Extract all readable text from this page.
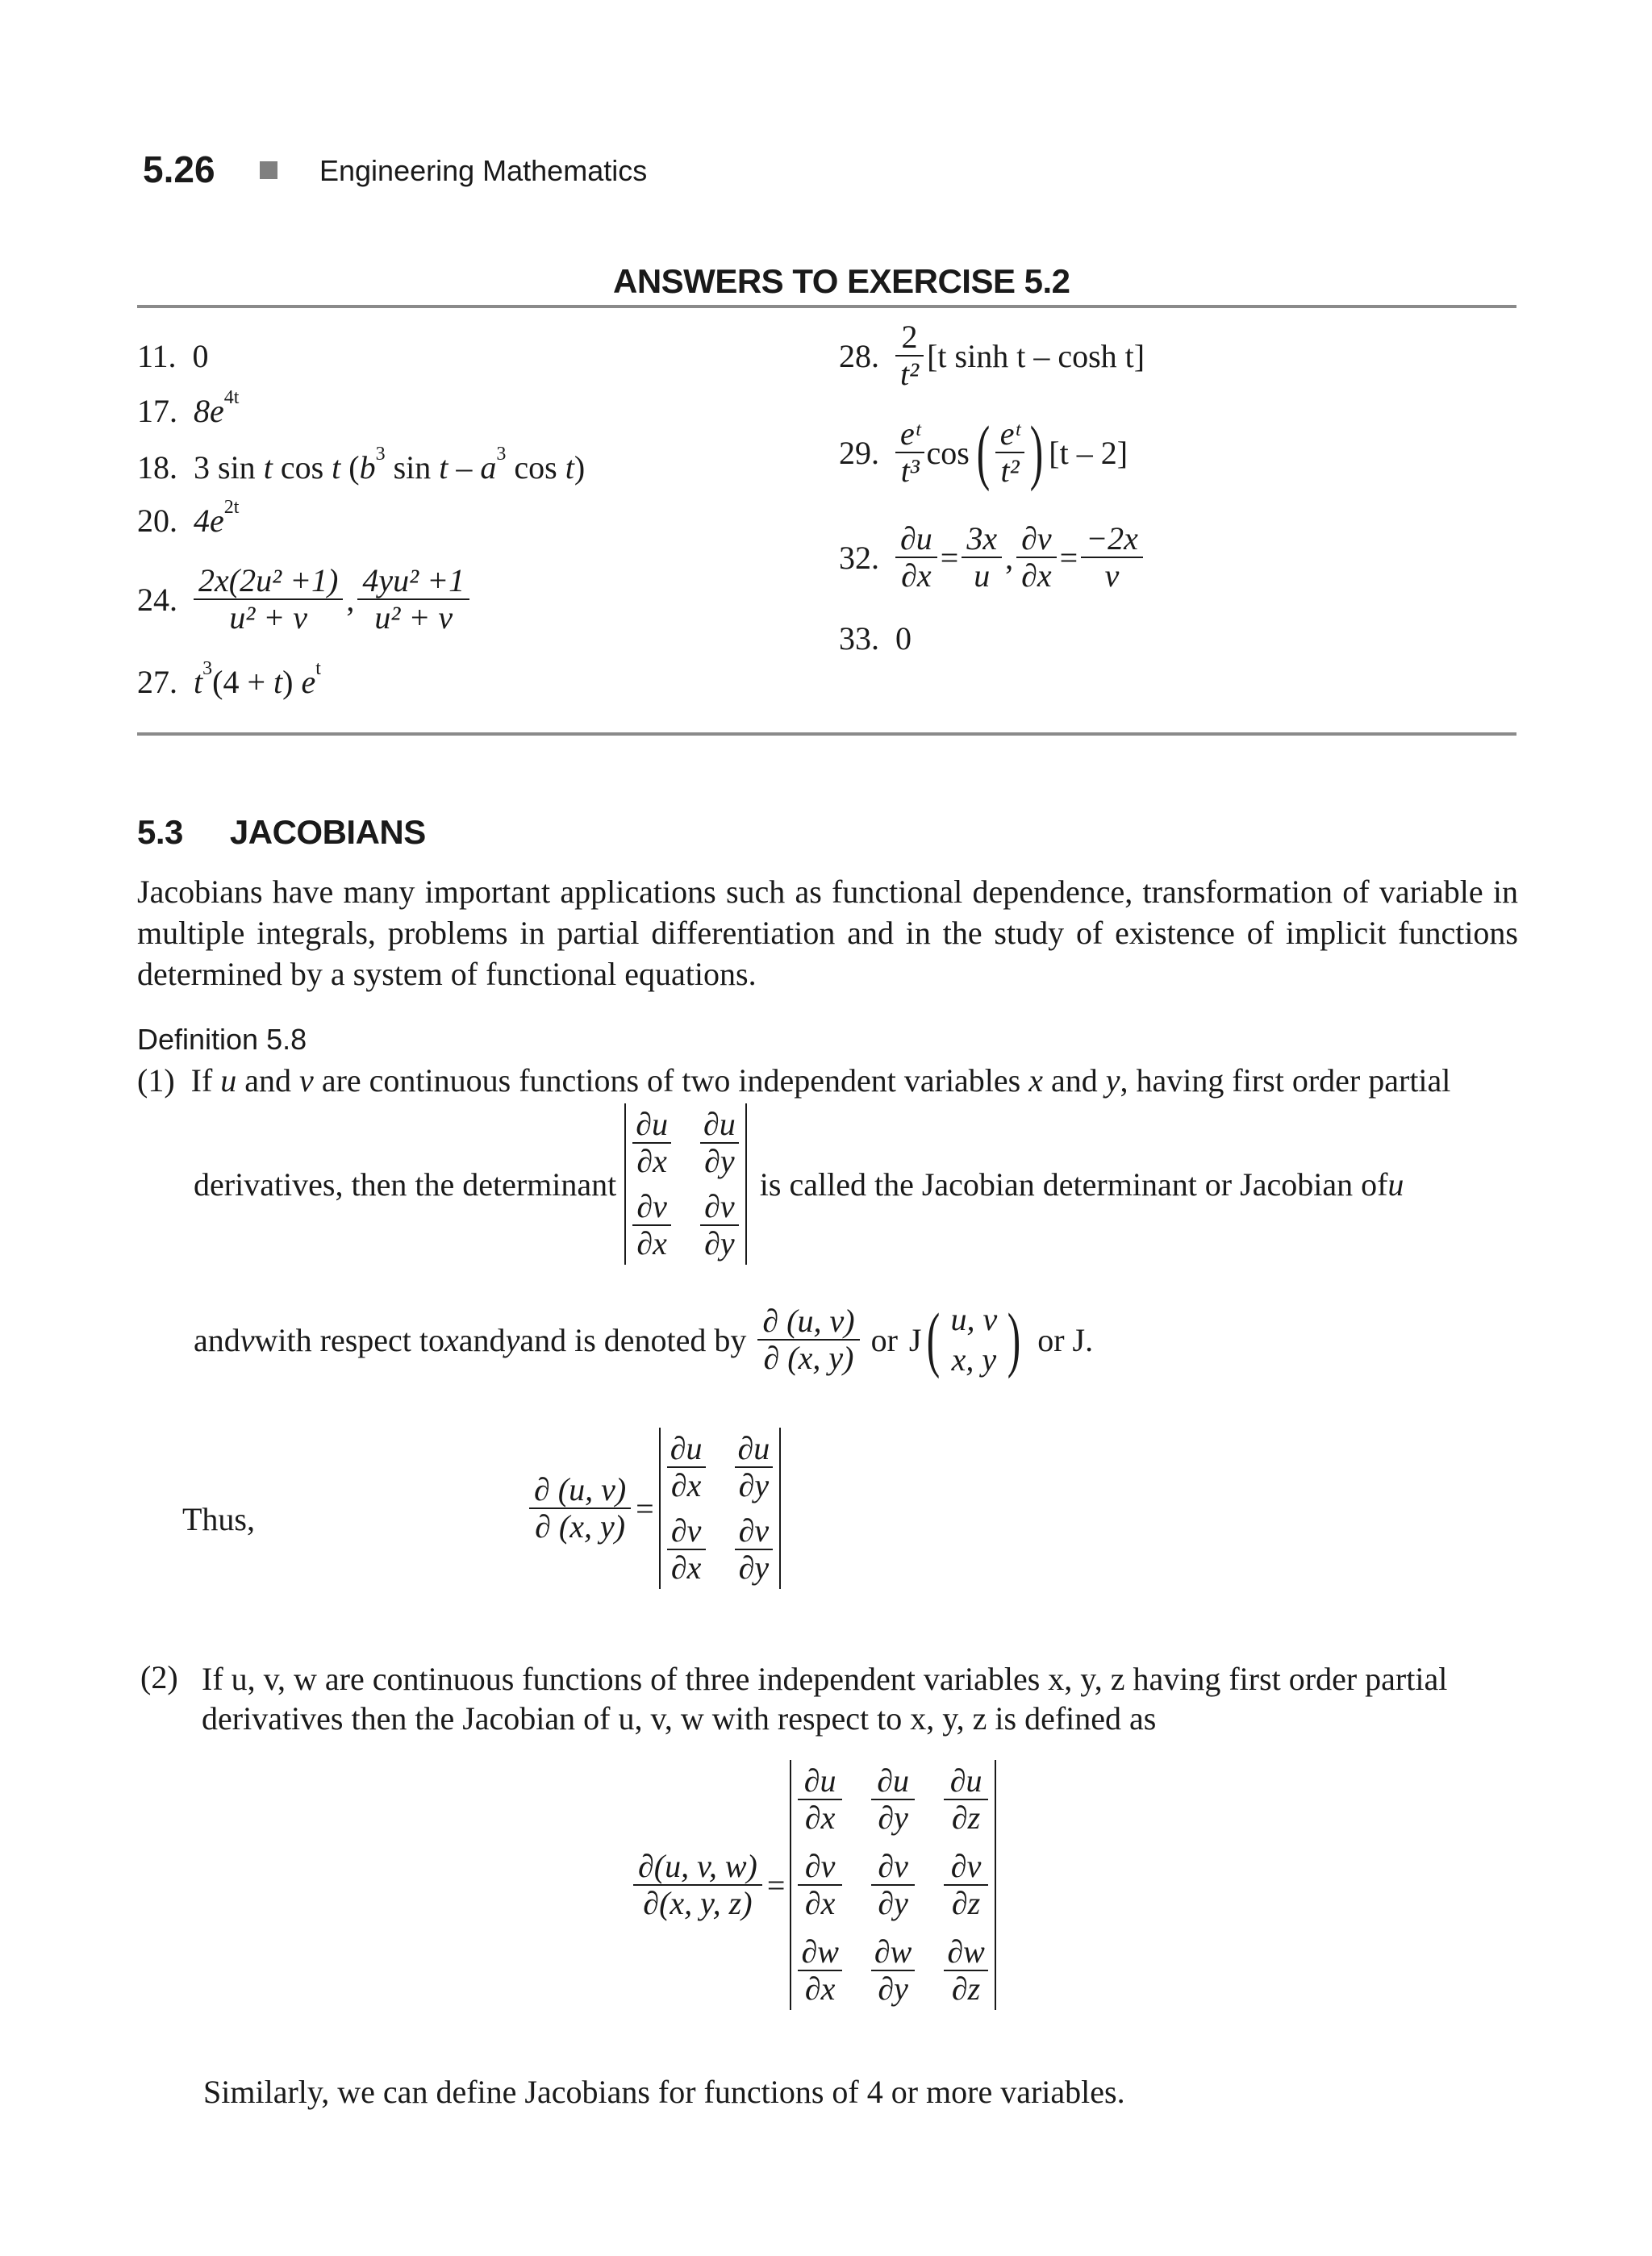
5.26	Engineering Mathematics
ANSWERS TO EXERCISE 5.2
11. 0
17. $8e^{4t}$
18. 3 sin t cos t ($b^3$ sin t – $a^3$ cos t)
20. $4e^{2t}$
24.
$\frac{\text{2x(2u² +1)}}{\text{u² + v}}$ , $\frac{\text{4yu² +1}}{\text{u² + v}}$
27. $t^3(4 + t)$ $e^t$
28.
$\frac{2}{\text{t²}} [t$ sinh t – cosh t]
29.
$\frac{\text{eᵗ}}{\text{t³}}$ cos ( $\frac{\text{eᵗ}}{\text{t²}}$ ) [t – 2]
32.
$\frac{\partial u}{\partial x} = \frac{3x}{u}$ , $\frac{\partial v}{\partial x} = \frac{-2x}{v}$
33. 0
5.3 JACOBIANS
Jacobians have many important applications such as functional dependence, transformation of variable in multiple integrals, problems in partial differentiation and in the study of existence of implicit functions determined by a system of functional equations.
Definition 5.8
(1) If u and v are continuous functions of two independent variables x and y, having first order partial
derivatives, then the determinant
$\frac{\partial u}{\partial x} \frac{\partial u}{\partial y}$
$\frac{\partial v}{\partial x} \frac{\partial v}{\partial y}$
is called the Jacobian determinant or Jacobian of u
and v with respect to x and y and is denoted by $\frac{\partial (u, v)}{\partial (x, y)}$ or J ( u, v
x, y ) or J.
Thus,	$\frac{\partial (u, v)}{\partial (x, y)}$ =
$\frac{\partial u}{\partial x} \frac{\partial u}{\partial y}$
$\frac{\partial v}{\partial x} \frac{\partial v}{\partial y}$
(2) If u, v, w are continuous functions of three independent variables x, y, z having first order partial
derivatives then the Jacobian of u, v, w with respect to x, y, z is defined as
$\frac{\partial(u, v, w)}{\partial(x, y, z)}$ =
$\frac{\partial u}{\partial x} \frac{\partial u}{\partial y} \frac{\partial u}{\partial z}$
$\frac{\partial v}{\partial x} \frac{\partial v}{\partial y} \frac{\partial v}{\partial z}$
$\frac{\partial w}{\partial x} \frac{\partial w}{\partial y} \frac{\partial w}{\partial z}$
Similarly, we can define Jacobians for functions of 4 or more variables.
